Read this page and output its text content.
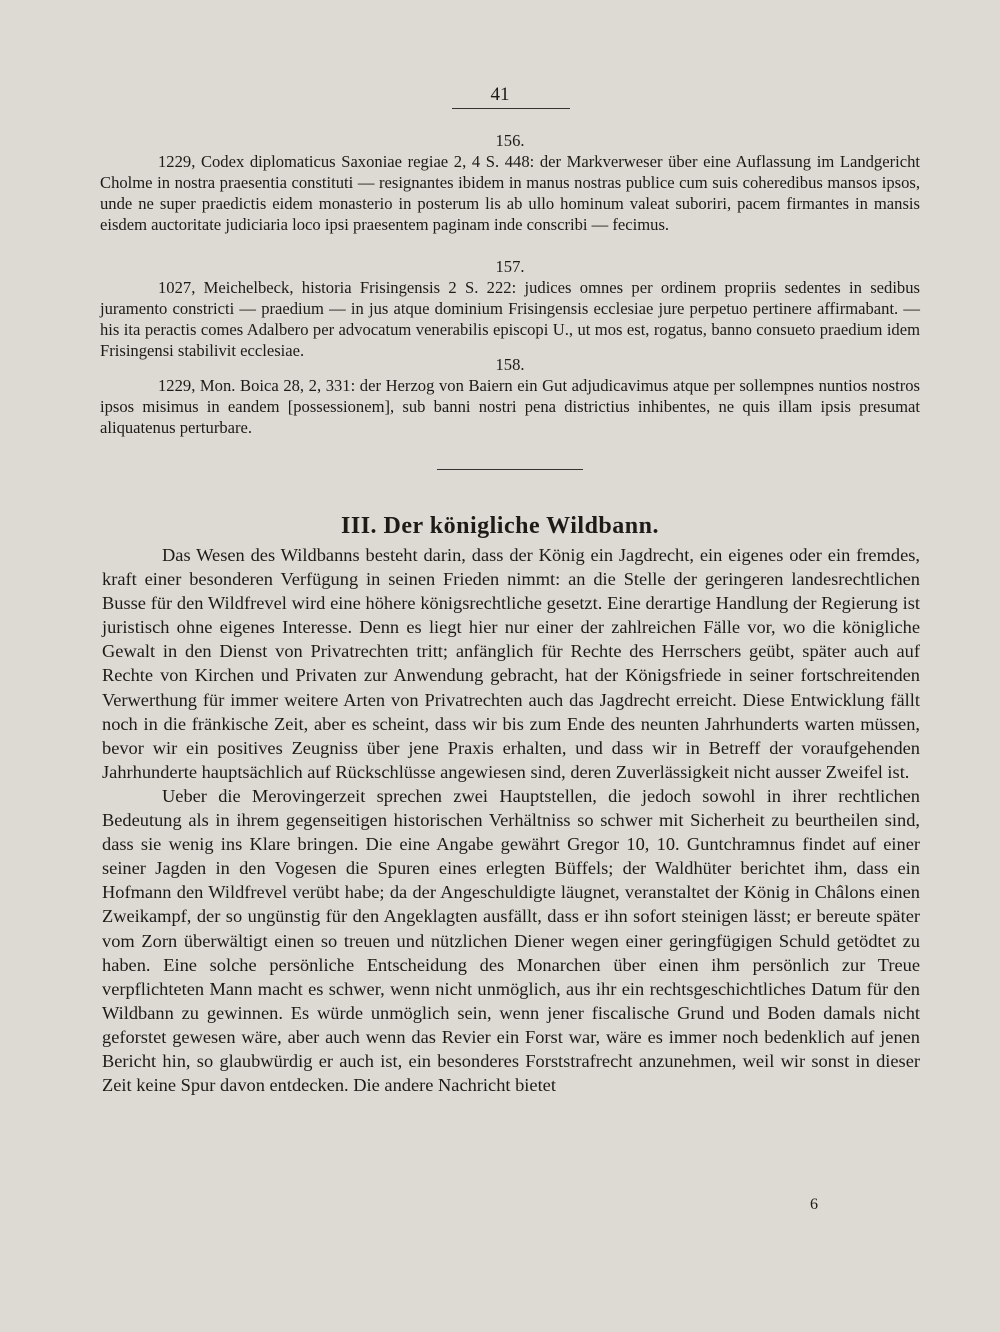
41
156.

1229, Codex diplomaticus Saxoniae regiae 2, 4 S. 448: der Markverweser über eine Auflassung im Landgericht Cholme in nostra praesentia constituti — resignantes ibidem in manus nostras publice cum suis coheredibus mansos ipsos, unde ne super praedictis eidem monasterio in posterum lis ab ullo hominum valeat suboriri, pacem firmantes in mansis eisdem auctoritate judiciaria loco ipsi praesentem paginam inde conscribi — fecimus.

157.

1027, Meichelbeck, historia Frisingensis 2 S. 222: judices omnes per ordinem propriis sedentes in sedibus juramento constricti — praedium — in jus atque dominium Frisingensis ecclesiae jure perpetuo pertinere affirmabant. — his ita peractis comes Adalbero per advocatum venerabilis episcopi U., ut mos est, rogatus, banno consueto praedium idem Frisingensi stabilivit ecclesiae.

158.

1229, Mon. Boica 28, 2, 331: der Herzog von Baiern ein Gut adjudicavimus atque per sollempnes nuntios nostros ipsos misimus in eandem [possessionem], sub banni nostri pena districtius inhibentes, ne quis illam ipsis presumat aliquatenus perturbare.

III. Der königliche Wildbann.

Das Wesen des Wildbanns besteht darin, dass der König ein Jagdrecht, ein eigenes oder ein fremdes, kraft einer besonderen Verfügung in seinen Frieden nimmt: an die Stelle der geringeren landesrechtlichen Busse für den Wildfrevel wird eine höhere königsrechtliche gesetzt. Eine derartige Handlung der Regierung ist juristisch ohne eigenes Interesse. Denn es liegt hier nur einer der zahlreichen Fälle vor, wo die königliche Gewalt in den Dienst von Privatrechten tritt; anfänglich für Rechte des Herrschers geübt, später auch auf Rechte von Kirchen und Privaten zur Anwendung gebracht, hat der Königsfriede in seiner fortschreitenden Verwerthung für immer weitere Arten von Privatrechten auch das Jagdrecht erreicht. Diese Entwicklung fällt noch in die fränkische Zeit, aber es scheint, dass wir bis zum Ende des neunten Jahrhunderts warten müssen, bevor wir ein positives Zeugniss über jene Praxis erhalten, und dass wir in Betreff der voraufgehenden Jahrhunderte hauptsächlich auf Rückschlüsse angewiesen sind, deren Zuverlässigkeit nicht ausser Zweifel ist.

Ueber die Merovingerzeit sprechen zwei Hauptstellen, die jedoch sowohl in ihrer rechtlichen Bedeutung als in ihrem gegenseitigen historischen Verhältniss so schwer mit Sicherheit zu beurtheilen sind, dass sie wenig ins Klare bringen. Die eine Angabe gewährt Gregor 10, 10. Guntchramnus findet auf einer seiner Jagden in den Vogesen die Spuren eines erlegten Büffels; der Waldhüter berichtet ihm, dass ein Hofmann den Wildfrevel verübt habe; da der Angeschuldigte läugnet, veranstaltet der König in Châlons einen Zweikampf, der so ungünstig für den Angeklagten ausfällt, dass er ihn sofort steinigen lässt; er bereute später vom Zorn überwältigt einen so treuen und nützlichen Diener wegen einer geringfügigen Schuld getödtet zu haben. Eine solche persönliche Entscheidung des Monarchen über einen ihm persönlich zur Treue verpflichteten Mann macht es schwer, wenn nicht unmöglich, aus ihr ein rechtsgeschichtliches Datum für den Wildbann zu gewinnen. Es würde unmöglich sein, wenn jener fiscalische Grund und Boden damals nicht geforstet gewesen wäre, aber auch wenn das Revier ein Forst war, wäre es immer noch bedenklich auf jenen Bericht hin, so glaubwürdig er auch ist, ein besonderes Forststrafrecht anzunehmen, weil wir sonst in dieser Zeit keine Spur davon entdecken. Die andere Nachricht bietet

6
